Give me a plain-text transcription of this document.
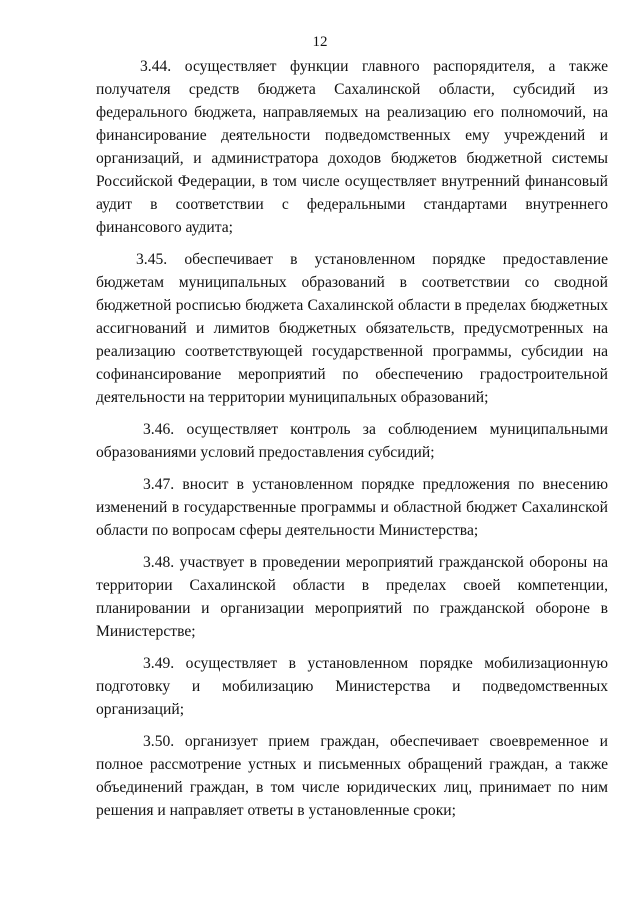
12

3.44. осуществляет функции главного распорядителя, а также получателя средств бюджета Сахалинской области, субсидий из федерального бюджета, направляемых на реализацию его полномочий, на финансирование деятельности подведомственных ему учреждений и организаций, и администратора доходов бюджетов бюджетной системы Российской Федерации, в том числе осуществляет внутренний финансовый аудит в соответствии с федеральными стандартами внутреннего финансового аудита;

3.45. обеспечивает в установленном порядке предоставление бюджетам муниципальных образований в соответствии со сводной бюджетной росписью бюджета Сахалинской области в пределах бюджетных ассигнований и лимитов бюджетных обязательств, предусмотренных на реализацию соответствующей государственной программы, субсидии на софинансирование мероприятий по обеспечению градостроительной деятельности на территории муниципальных образований;

3.46. осуществляет контроль за соблюдением муниципальными образованиями условий предоставления субсидий;

3.47. вносит в установленном порядке предложения по внесению изменений в государственные программы и областной бюджет Сахалинской области по вопросам сферы деятельности Министерства;

3.48. участвует в проведении мероприятий гражданской обороны на территории Сахалинской области в пределах своей компетенции, планировании и организации мероприятий по гражданской обороне в Министерстве;

3.49. осуществляет в установленном порядке мобилизационную подготовку и мобилизацию Министерства и подведомственных организаций;

3.50. организует прием граждан, обеспечивает своевременное и полное рассмотрение устных и письменных обращений граждан, а также объединений граждан, в том числе юридических лиц, принимает по ним решения и направляет ответы в установленные сроки;
